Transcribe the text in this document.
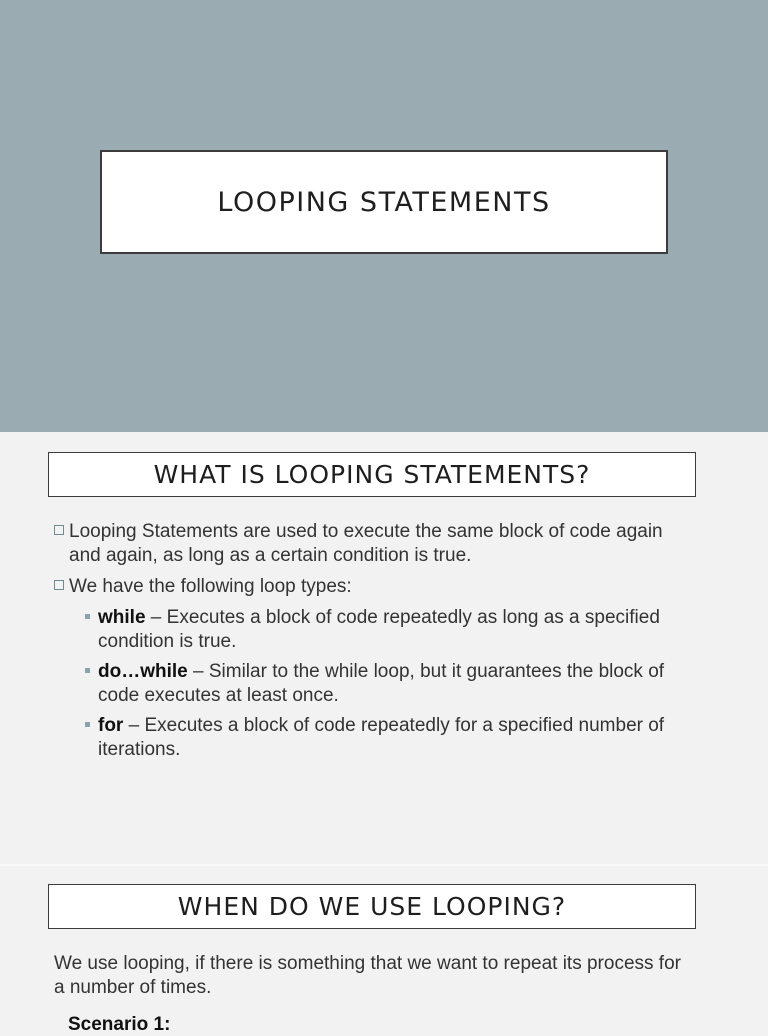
LOOPING STATEMENTS
WHAT IS LOOPING STATEMENTS?
Looping Statements are used to execute the same block of code again and again, as long as a certain condition is true.
We have the following loop types:
while – Executes a block of code repeatedly as long as a specified condition is true.
do…while – Similar to the while loop, but it guarantees the block of code executes at least once.
for – Executes a block of code repeatedly for a specified number of iterations.
WHEN DO WE USE LOOPING?
We use looping, if there is something that we want to repeat its process for a number of times.
Scenario 1:
